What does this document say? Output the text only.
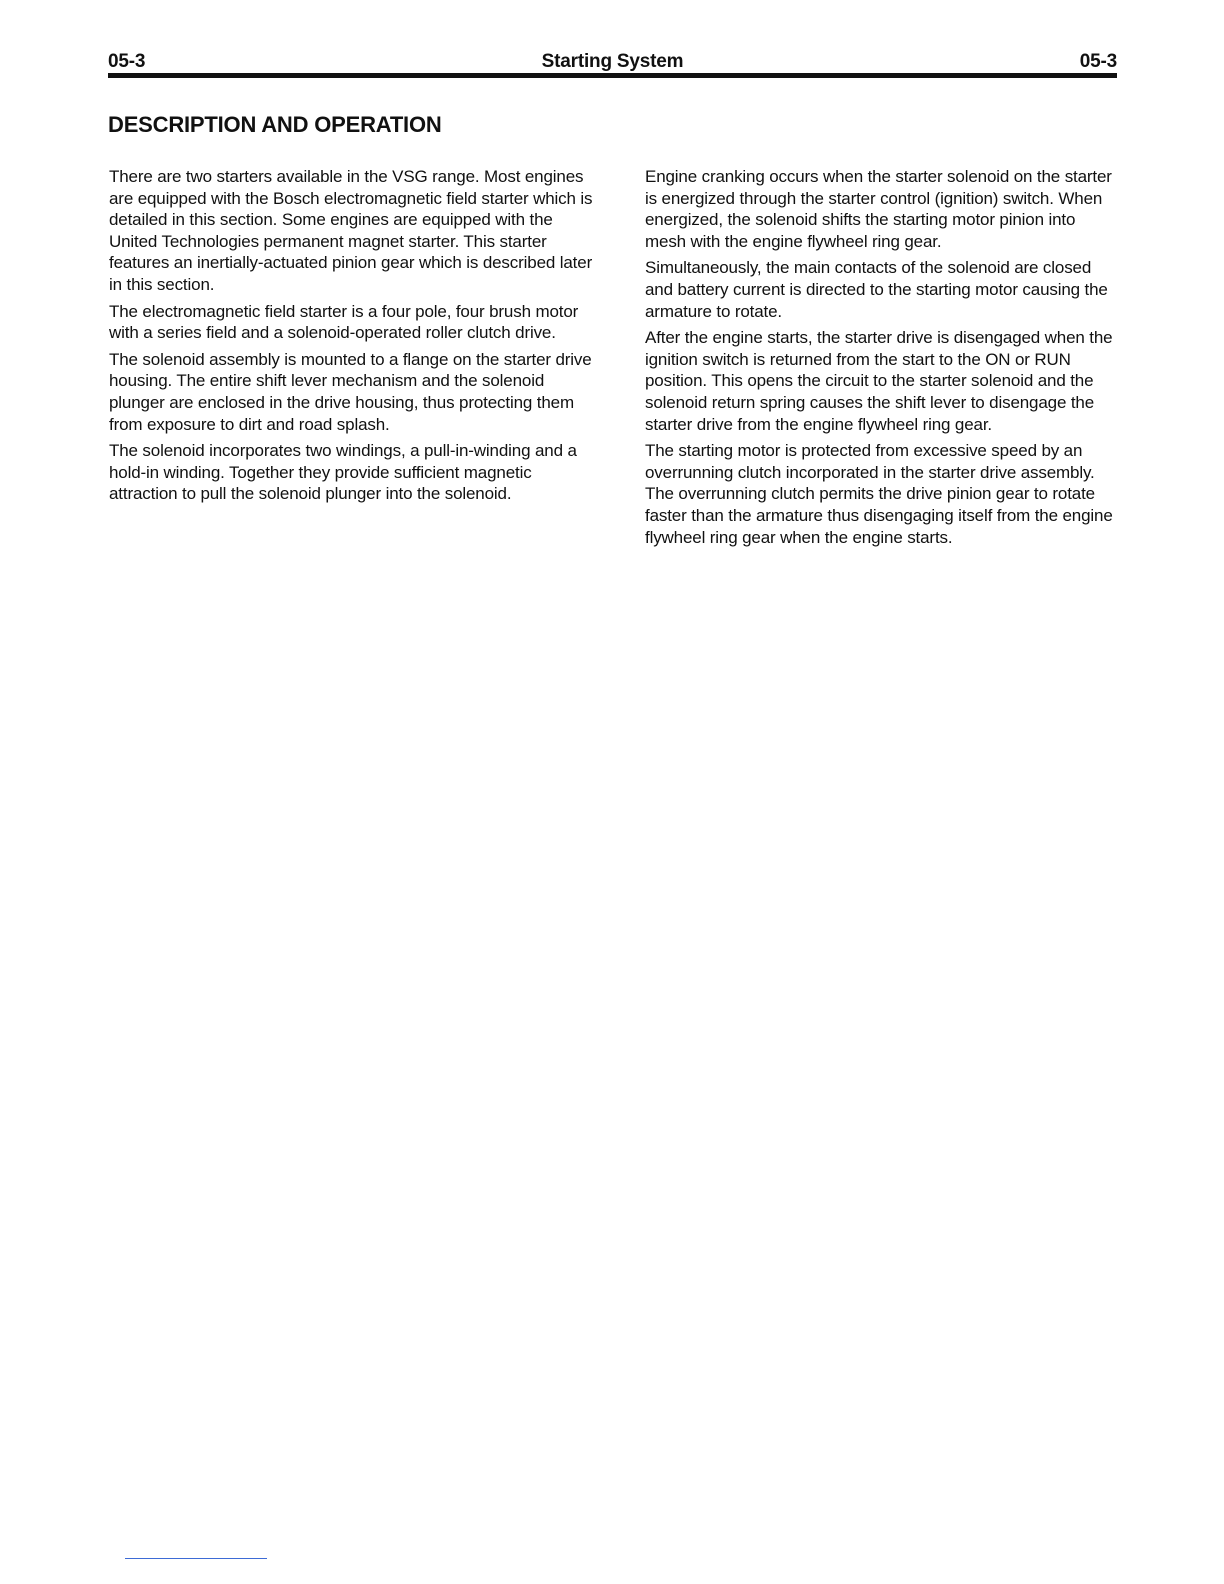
05-3	Starting System	05-3
DESCRIPTION AND OPERATION

There are two starters available in the VSG range. Most engines are equipped with the Bosch electromagnetic field starter which is detailed in this section. Some engines are equipped with the United Technologies permanent magnet starter. This starter features an inertially-actuated pinion gear which is described later in this section.

The electromagnetic field starter is a four pole, four brush motor with a series field and a solenoid-operated roller clutch drive.

The solenoid assembly is mounted to a flange on the starter drive housing. The entire shift lever mechanism and the solenoid plunger are enclosed in the drive housing, thus protecting them from exposure to dirt and road splash.

The solenoid incorporates two windings, a pull-in-winding and a hold-in winding. Together they provide sufficient magnetic attraction to pull the solenoid plunger into the solenoid.

Engine cranking occurs when the starter solenoid on the starter is energized through the starter control (ignition) switch. When energized, the solenoid shifts the starting motor pinion into mesh with the engine flywheel ring gear.

Simultaneously, the main contacts of the solenoid are closed and battery current is directed to the starting motor causing the armature to rotate.

After the engine starts, the starter drive is disengaged when the ignition switch is returned from the start to the ON or RUN position. This opens the circuit to the starter solenoid and the solenoid return spring causes the shift lever to disengage the starter drive from the engine flywheel ring gear.

The starting motor is protected from excessive speed by an overrunning clutch incorporated in the starter drive assembly. The overrunning clutch permits the drive pinion gear to rotate faster than the armature thus disengaging itself from the engine flywheel ring gear when the engine starts.
